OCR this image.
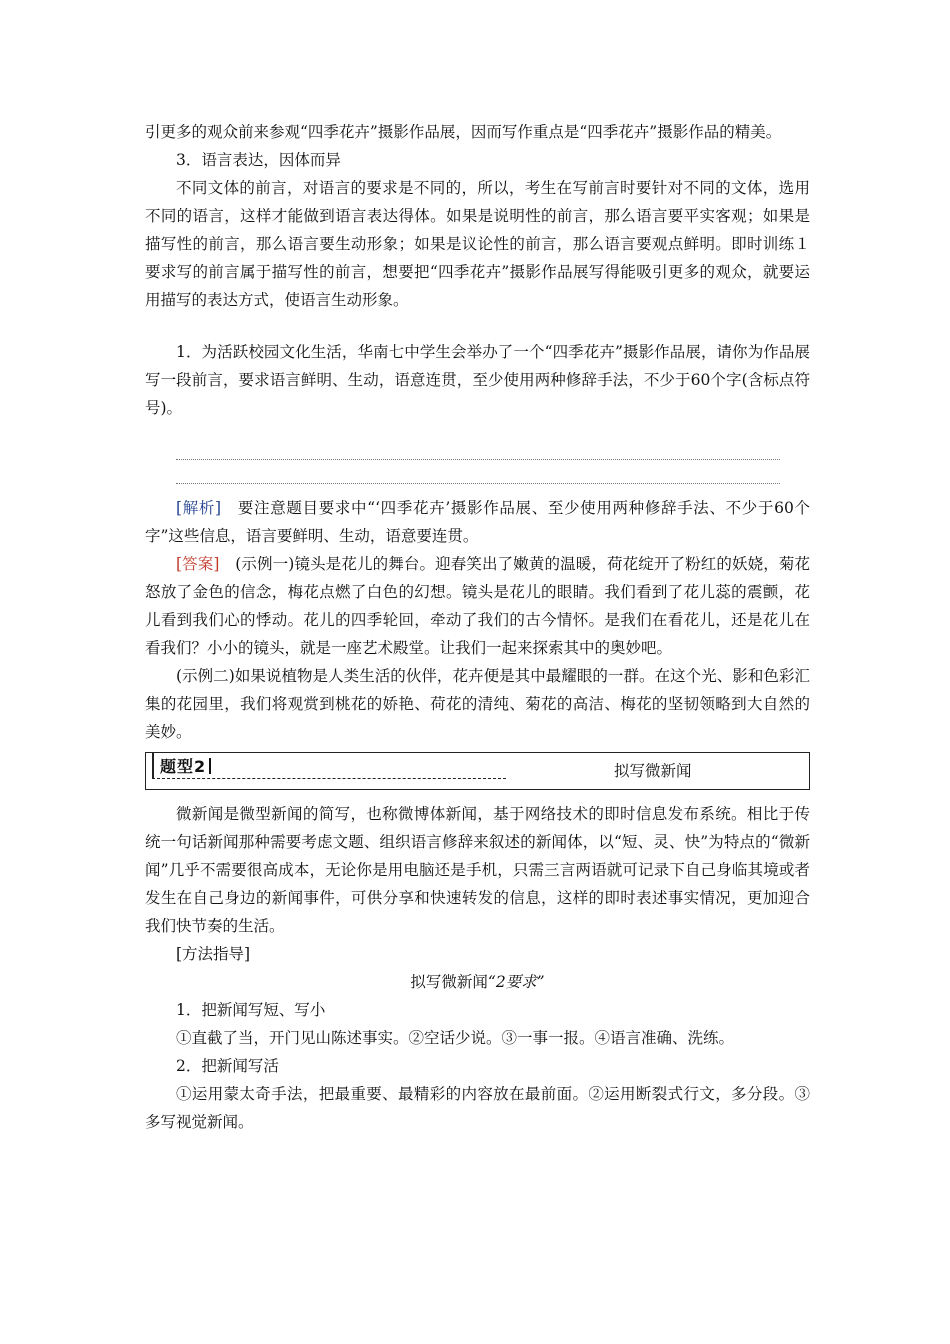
引更多的观众前来参观“四季花卉”摄影作品展，因而写作重点是“四季花卉”摄影作品的精美。

3．语言表达，因体而异

不同文体的前言，对语言的要求是不同的，所以，考生在写前言时要针对不同的文体，选用不同的语言，这样才能做到语言表达得体。如果是说明性的前言，那么语言要平实客观；如果是描写性的前言，那么语言要生动形象；如果是议论性的前言，那么语言要观点鲜明。即时训练１要求写的前言属于描写性的前言，想要把“四季花卉”摄影作品展写得能吸引更多的观众，就要运用描写的表达方式，使语言生动形象。

1．为活跃校园文化生活，华南七中学生会举办了一个“四季花卉”摄影作品展，请你为作品展写一段前言，要求语言鲜明、生动，语意连贯，至少使用两种修辞手法，不少于60个字(含标点符号)。

[解析]　要注意题目要求中“‘四季花卉’摄影作品展、至少使用两种修辞手法、不少于60个字”这些信息，语言要鲜明、生动，语意要连贯。

[答案]　(示例一)镜头是花儿的舞台。迎春笑出了嫩黄的温暖，荷花绽开了粉红的妖娆，菊花怒放了金色的信念，梅花点燃了白色的幻想。镜头是花儿的眼睛。我们看到了花儿蕊的震颤，花儿看到我们心的悸动。花儿的四季轮回，牵动了我们的古今情怀。是我们在看花儿，还是花儿在看我们？小小的镜头，就是一座艺术殿堂。让我们一起来探索其中的奥妙吧。

(示例二)如果说植物是人类生活的伙伴，花卉便是其中最耀眼的一群。在这个光、影和色彩汇集的花园里，我们将观赏到桃花的娇艳、荷花的清纯、菊花的高洁、梅花的坚韧领略到大自然的美妙。

题型2	拟写微新闻

微新闻是微型新闻的简写，也称微博体新闻，基于网络技术的即时信息发布系统。相比于传统一句话新闻那种需要考虑文题、组织语言修辞来叙述的新闻体，以“短、灵、快”为特点的“微新闻”几乎不需要很高成本，无论你是用电脑还是手机，只需三言两语就可记录下自己身临其境或者发生在自己身边的新闻事件，可供分享和快速转发的信息，这样的即时表述事实情况，更加迎合我们快节奏的生活。

[方法指导]

拟写微新闻“2要求”

1．把新闻写短、写小

①直截了当，开门见山陈述事实。②空话少说。③一事一报。④语言准确、洗练。

2．把新闻写活

①运用蒙太奇手法，把最重要、最精彩的内容放在最前面。②运用断裂式行文，多分段。③多写视觉新闻。
